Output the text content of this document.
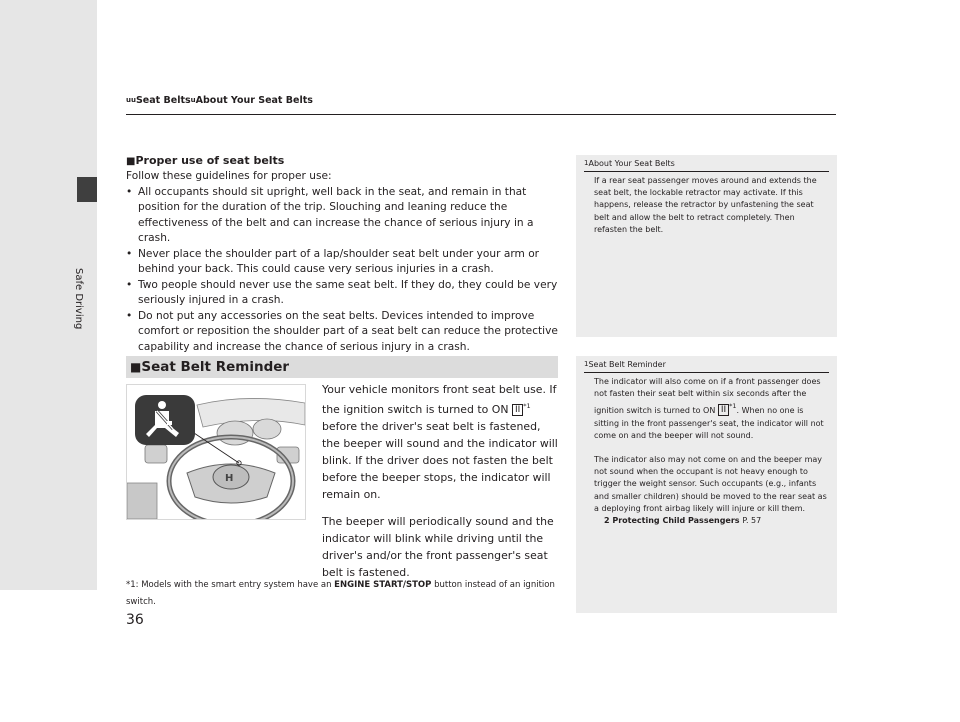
Safe Driving
uuSeat BeltsuAbout Your Seat Belts
■Proper use of seat belts
Follow these guidelines for proper use:
• All occupants should sit upright, well back in the seat, and remain in that position for the duration of the trip. Slouching and leaning reduce the effectiveness of the belt and can increase the chance of serious injury in a crash.
• Never place the shoulder part of a lap/shoulder seat belt under your arm or behind your back. This could cause very serious injuries in a crash.
• Two people should never use the same seat belt. If they do, they could be very seriously injured in a crash.
• Do not put any accessories on the seat belts. Devices intended to improve comfort or reposition the shoulder part of a seat belt can reduce the protective capability and increase the chance of serious injury in a crash.
■Seat Belt Reminder
H

Your vehicle monitors front seat belt use. If the ignition switch is turned to ON II $^{*1}$ before the driver's seat belt is fastened, the beeper will sound and the indicator will blink. If the driver does not fasten the belt before the beeper stops, the indicator will remain on.

The beeper will periodically sound and the indicator will blink while driving until the driver's and/or the front passenger's seat belt is fastened.

*1: Models with the smart entry system have an ENGINE START/STOP button instead of an ignition switch.
1About Your Seat Belts

If a rear seat passenger moves around and extends the seat belt, the lockable retractor may activate. If this happens, release the retractor by unfastening the seat belt and allow the belt to retract completely. Then refasten the belt.

1Seat Belt Reminder

The indicator will also come on if a front passenger does not fasten their seat belt within six seconds after the ignition switch is turned to ON II $^{*1}$. When no one is sitting in the front passenger's seat, the indicator will not come on and the beeper will not sound.

The indicator also may not come on and the beeper may not sound when the occupant is not heavy enough to trigger the weight sensor. Such occupants (e.g., infants and smaller children) should be moved to the rear seat as a deploying front airbag likely will injure or kill them.

2 Protecting Child Passengers P. 57
36
